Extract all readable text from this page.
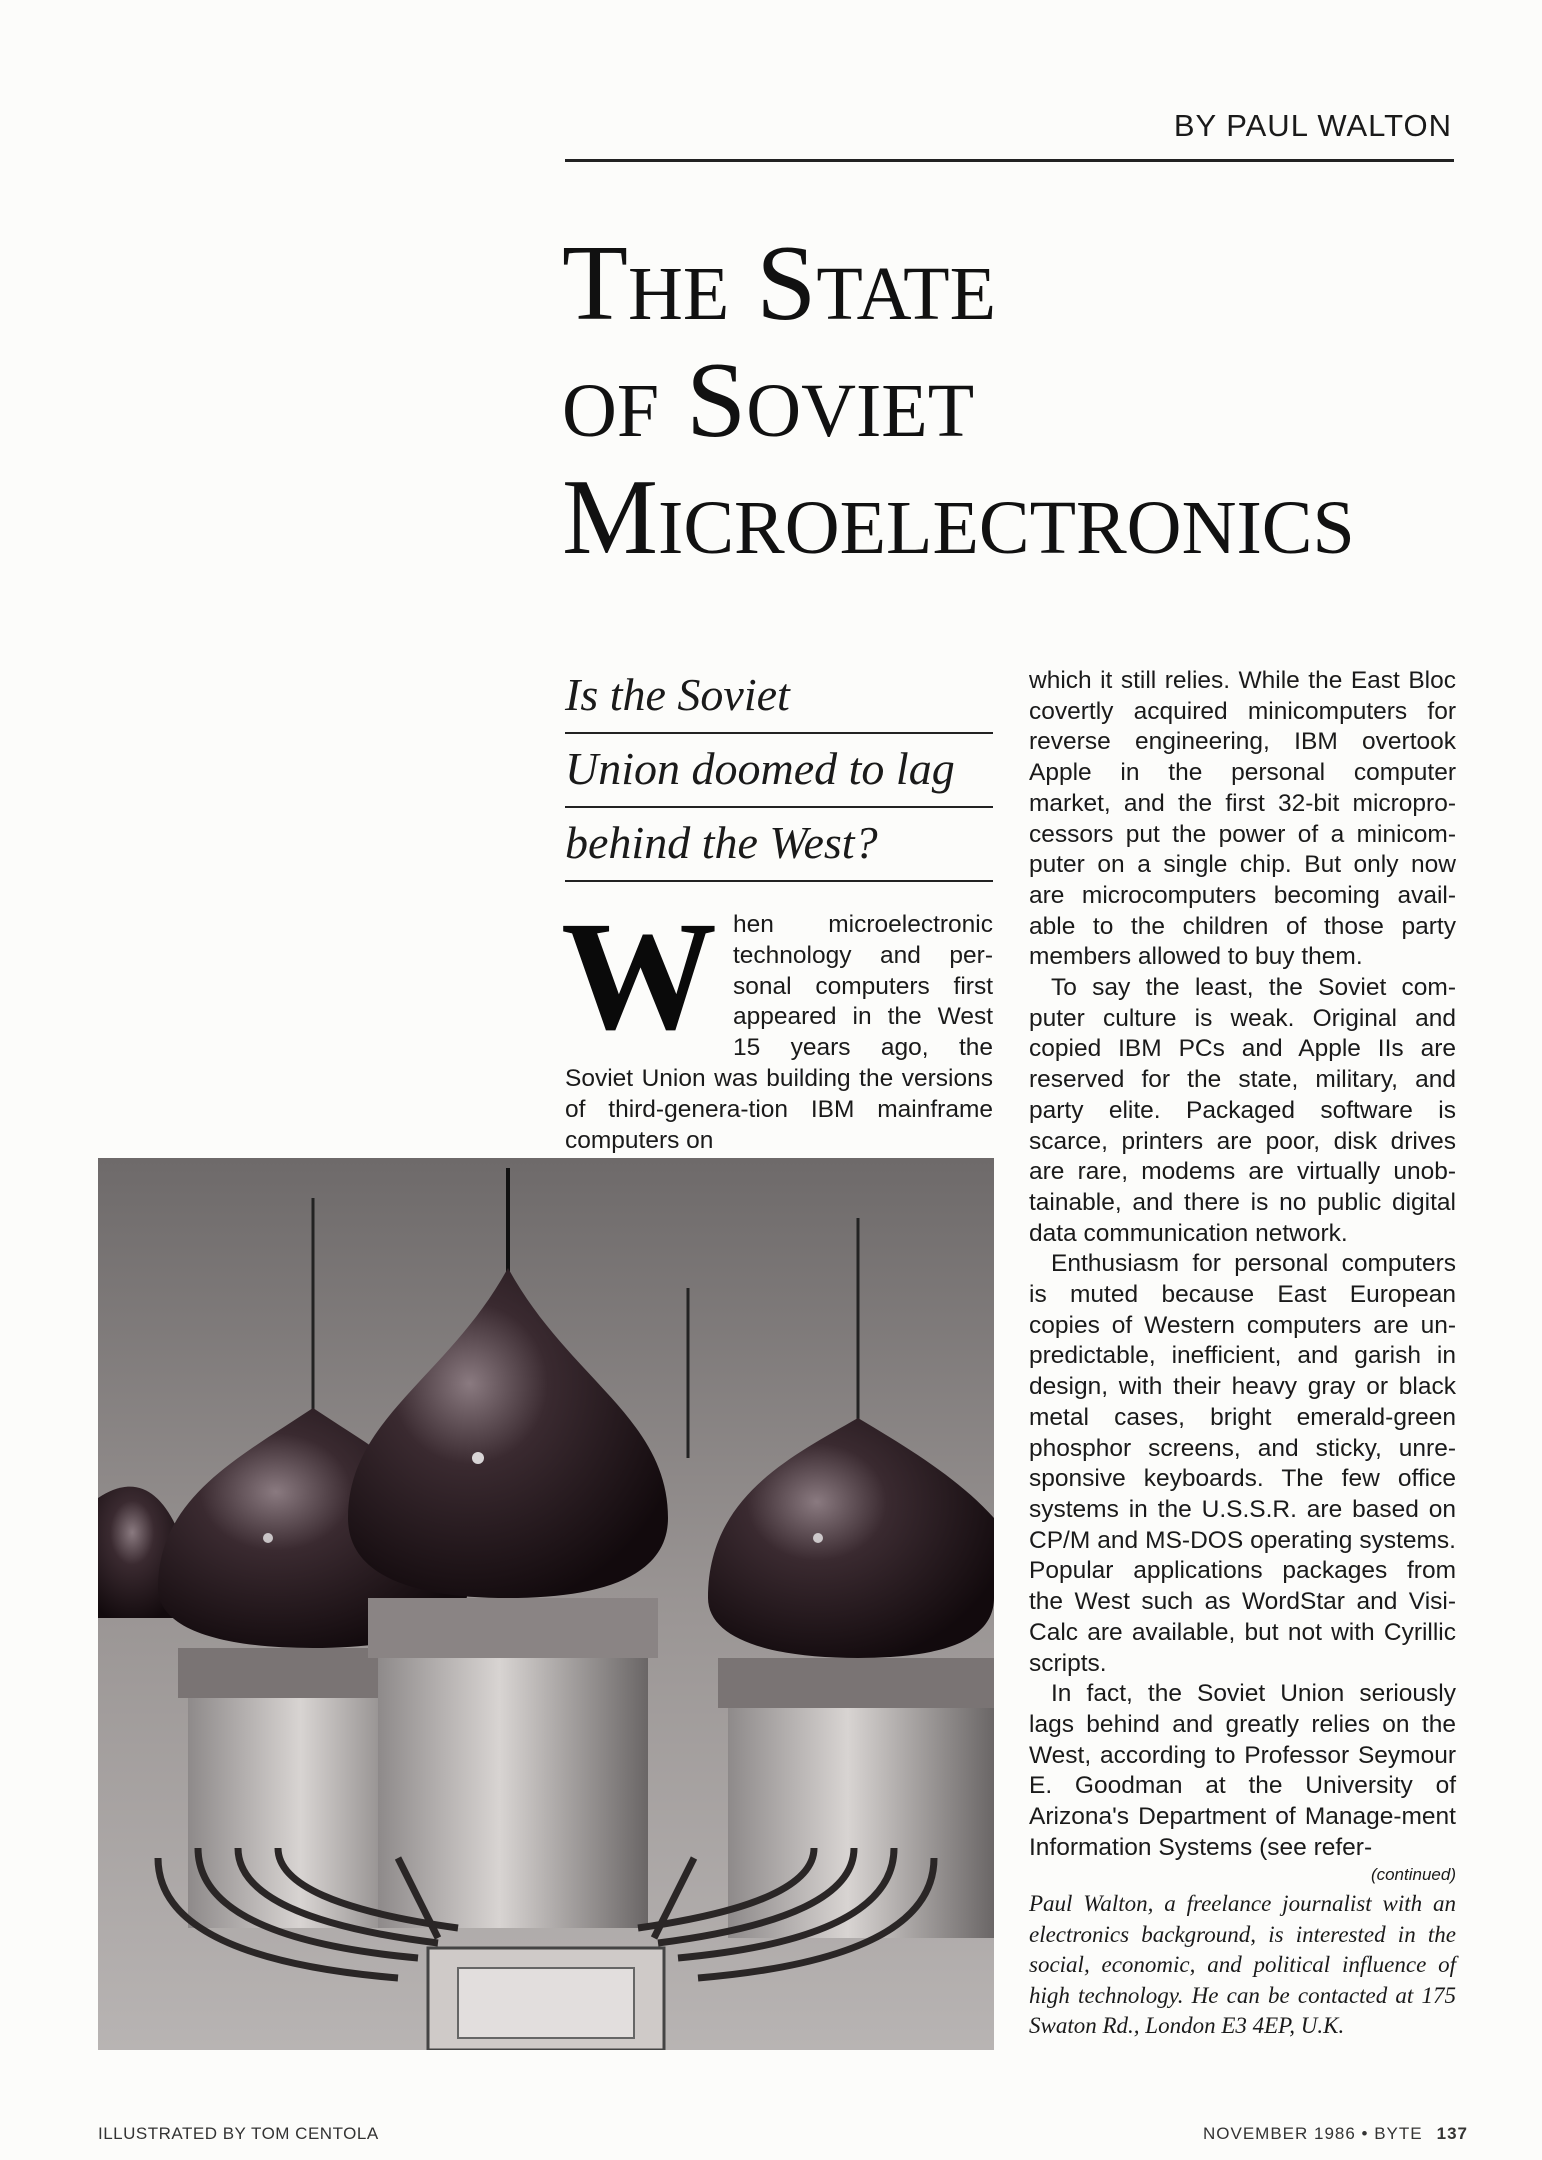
BY PAUL WALTON
The State
of Soviet
Microelectronics
Is the Soviet
Union doomed to lag
behind the West?
W hen microelectronic technology and per-sonal computers first appeared in the West 15 years ago, the Soviet Union was building the versions of third-genera-tion IBM mainframe computers on

which it still relies. While the East Bloc covertly acquired minicomputers for reverse engineering, IBM overtook Apple in the personal computer market, and the first 32-bit micropro-cessors put the power of a minicom-puter on a single chip. But only now are microcomputers becoming avail-able to the children of those party members allowed to buy them.

To say the least, the Soviet com-puter culture is weak. Original and copied IBM PCs and Apple IIs are reserved for the state, military, and party elite. Packaged software is scarce, printers are poor, disk drives are rare, modems are virtually unob-tainable, and there is no public digital data communication network.

Enthusiasm for personal computers is muted because East European copies of Western computers are un-predictable, inefficient, and garish in design, with their heavy gray or black metal cases, bright emerald-green phosphor screens, and sticky, unre-sponsive keyboards. The few office systems in the U.S.S.R. are based on CP/M and MS-DOS operating systems. Popular applications packages from the West such as WordStar and Visi-Calc are available, but not with Cyrillic scripts.

In fact, the Soviet Union seriously lags behind and greatly relies on the West, according to Professor Seymour E. Goodman at the University of Arizona's Department of Manage-ment Information Systems (see refer-

(continued)
Paul Walton, a freelance journalist with an electronics background, is interested in the social, economic, and political influence of high technology. He can be contacted at 175 Swaton Rd., London E3 4EP, U.K.
ILLUSTRATED BY TOM CENTOLA	NOVEMBER 1986 • BYTE 137
